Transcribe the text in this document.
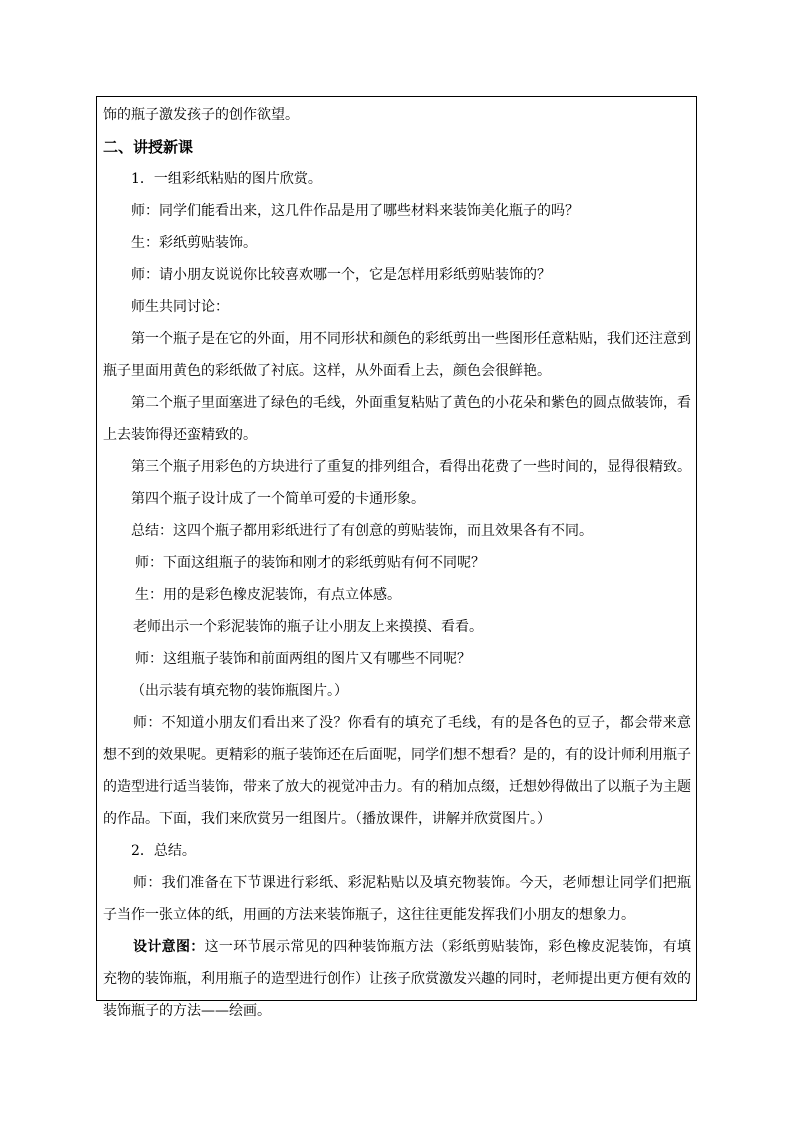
饰的瓶子激发孩子的创作欲望。

二、讲授新课

1．一组彩纸粘贴的图片欣赏。

师：同学们能看出来，这几件作品是用了哪些材料来装饰美化瓶子的吗？

生：彩纸剪贴装饰。

师：请小朋友说说你比较喜欢哪一个，它是怎样用彩纸剪贴装饰的？

师生共同讨论：

第一个瓶子是在它的外面，用不同形状和颜色的彩纸剪出一些图形任意粘贴，我们还注意到瓶子里面用黄色的彩纸做了衬底。这样，从外面看上去，颜色会很鲜艳。

第二个瓶子里面塞进了绿色的毛线，外面重复粘贴了黄色的小花朵和紫色的圆点做装饰，看上去装饰得还蛮精致的。

第三个瓶子用彩色的方块进行了重复的排列组合，看得出花费了一些时间的，显得很精致。

第四个瓶子设计成了一个简单可爱的卡通形象。

总结：这四个瓶子都用彩纸进行了有创意的剪贴装饰，而且效果各有不同。

师：下面这组瓶子的装饰和刚才的彩纸剪贴有何不同呢？

生：用的是彩色橡皮泥装饰，有点立体感。

老师出示一个彩泥装饰的瓶子让小朋友上来摸摸、看看。

师：这组瓶子装饰和前面两组的图片又有哪些不同呢？

（出示装有填充物的装饰瓶图片。）

师：不知道小朋友们看出来了没？你看有的填充了毛线，有的是各色的豆子，都会带来意想不到的效果呢。更精彩的瓶子装饰还在后面呢，同学们想不想看？是的，有的设计师利用瓶子的造型进行适当装饰，带来了放大的视觉冲击力。有的稍加点缀，迁想妙得做出了以瓶子为主题的作品。下面，我们来欣赏另一组图片。（播放课件，讲解并欣赏图片。）

2．总结。

师：我们准备在下节课进行彩纸、彩泥粘贴以及填充物装饰。今天，老师想让同学们把瓶子当作一张立体的纸，用画的方法来装饰瓶子，这往往更能发挥我们小朋友的想象力。

设计意图：这一环节展示常见的四种装饰瓶方法（彩纸剪贴装饰，彩色橡皮泥装饰，有填充物的装饰瓶，利用瓶子的造型进行创作）让孩子欣赏激发兴趣的同时，老师提出更方便有效的装饰瓶子的方法——绘画。
